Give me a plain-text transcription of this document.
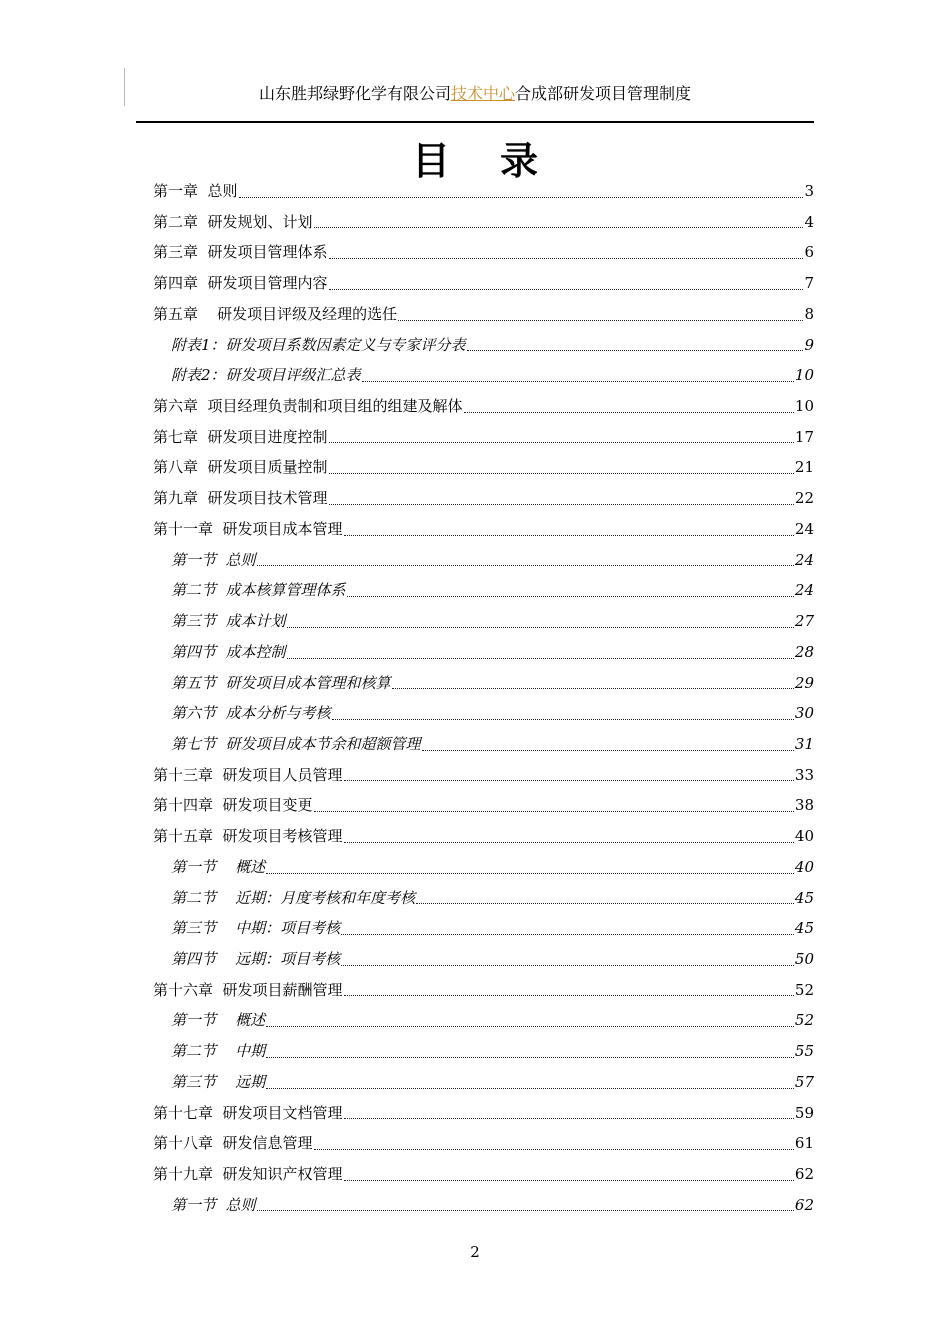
山东胜邦绿野化学有限公司技术中心合成部研发项目管理制度
目录
第一章  总则	3
第二章  研发规划、计划	4
第三章  研发项目管理体系	6
第四章  研发项目管理内容	7
第五章    研发项目评级及经理的选任	8
附表1：研发项目系数因素定义与专家评分表	9
附表2：研发项目评级汇总表	10
第六章  项目经理负责制和项目组的组建及解体	10
第七章  研发项目进度控制	17
第八章  研发项目质量控制	21
第九章  研发项目技术管理	22
第十一章  研发项目成本管理	24
第一节  总则	24
第二节  成本核算管理体系	24
第三节  成本计划	27
第四节  成本控制	28
第五节  研发项目成本管理和核算	29
第六节  成本分析与考核	30
第七节  研发项目成本节余和超额管理	31
第十三章  研发项目人员管理	33
第十四章  研发项目变更	38
第十五章  研发项目考核管理	40
第一节    概述	40
第二节    近期：月度考核和年度考核	45
第三节    中期：项目考核	45
第四节    远期：项目考核	50
第十六章  研发项目薪酬管理	52
第一节    概述	52
第二节    中期	55
第三节    远期	57
第十七章  研发项目文档管理	59
第十八章  研发信息管理	61
第十九章  研发知识产权管理	62
第一节  总则	62
2
